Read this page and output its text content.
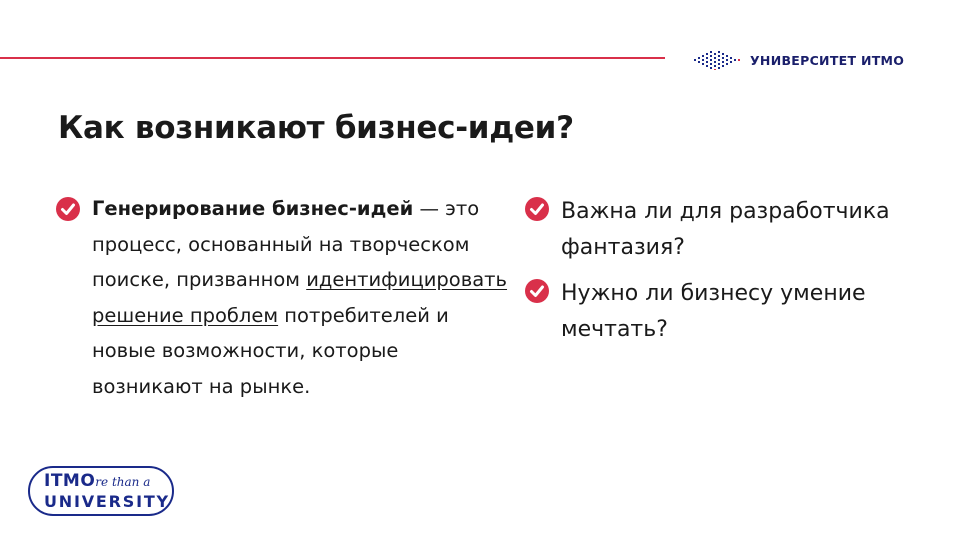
УНИВЕРСИТЕТ ИТМО
Как возникают бизнес-идеи?
Генерирование бизнес-идей — это процесс, основанный на творческом поиске, призванном идентифицировать решение проблем потребителей и новые возможности, которые возникают на рынке.
Важна ли для разработчика фантазия?
Нужно ли бизнесу умение мечтать?
ITMOre than a
UNIVERSITY
